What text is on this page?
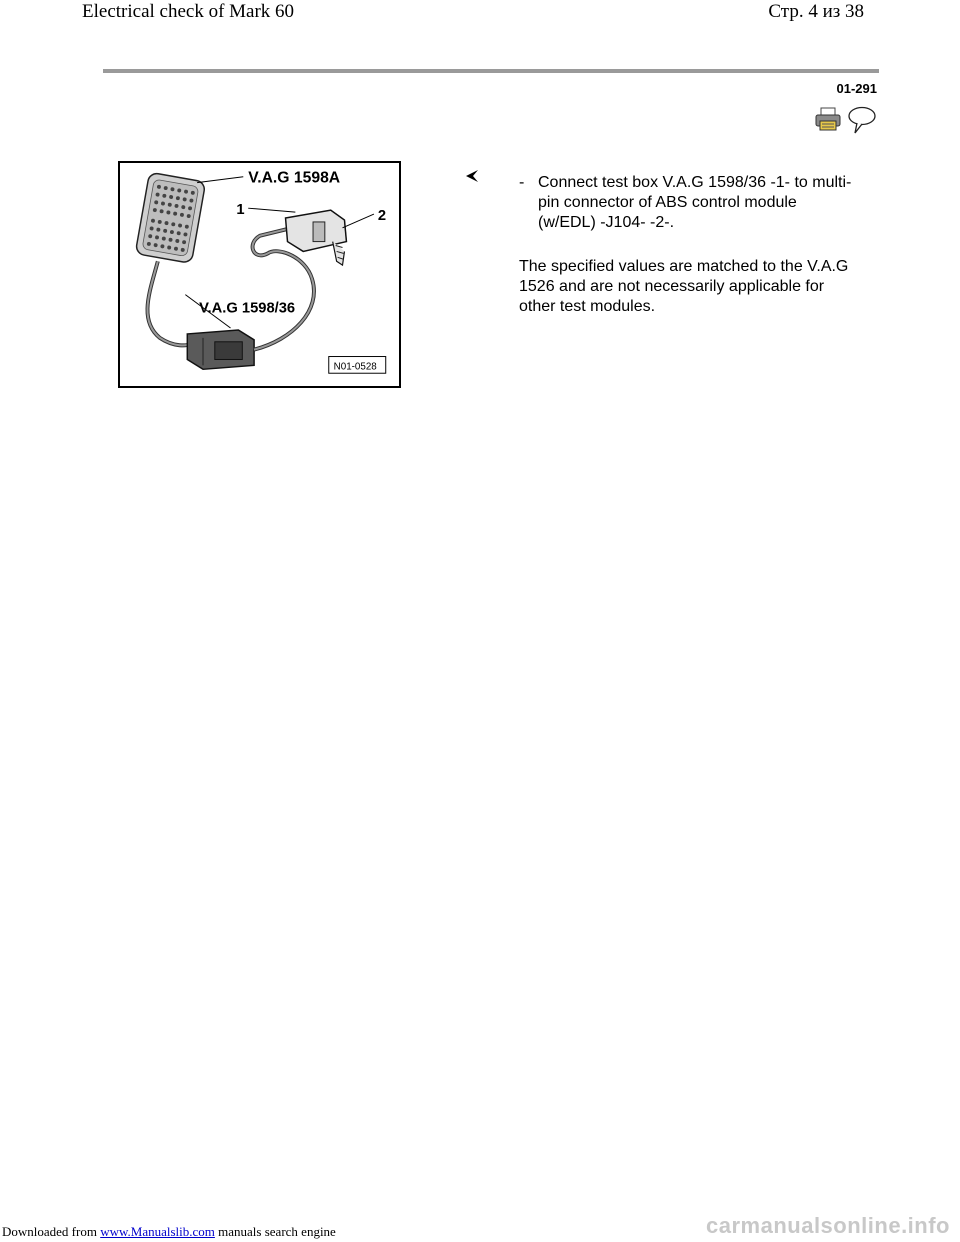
Electrical check of Mark 60	Стр. 4 из 38
01-291
V.A.G 1598A
1	2
V.A.G 1598/36
N01-0528
- Connect test box V.A.G 1598/36 -1- to multi-pin connector of ABS control module (w/EDL) -J104- -2-.
The specified values are matched to the V.A.G 1526 and are not necessarily applicable for other test modules.
Downloaded from www.Manualslib.com manuals search engine	carmanualsonline.info
